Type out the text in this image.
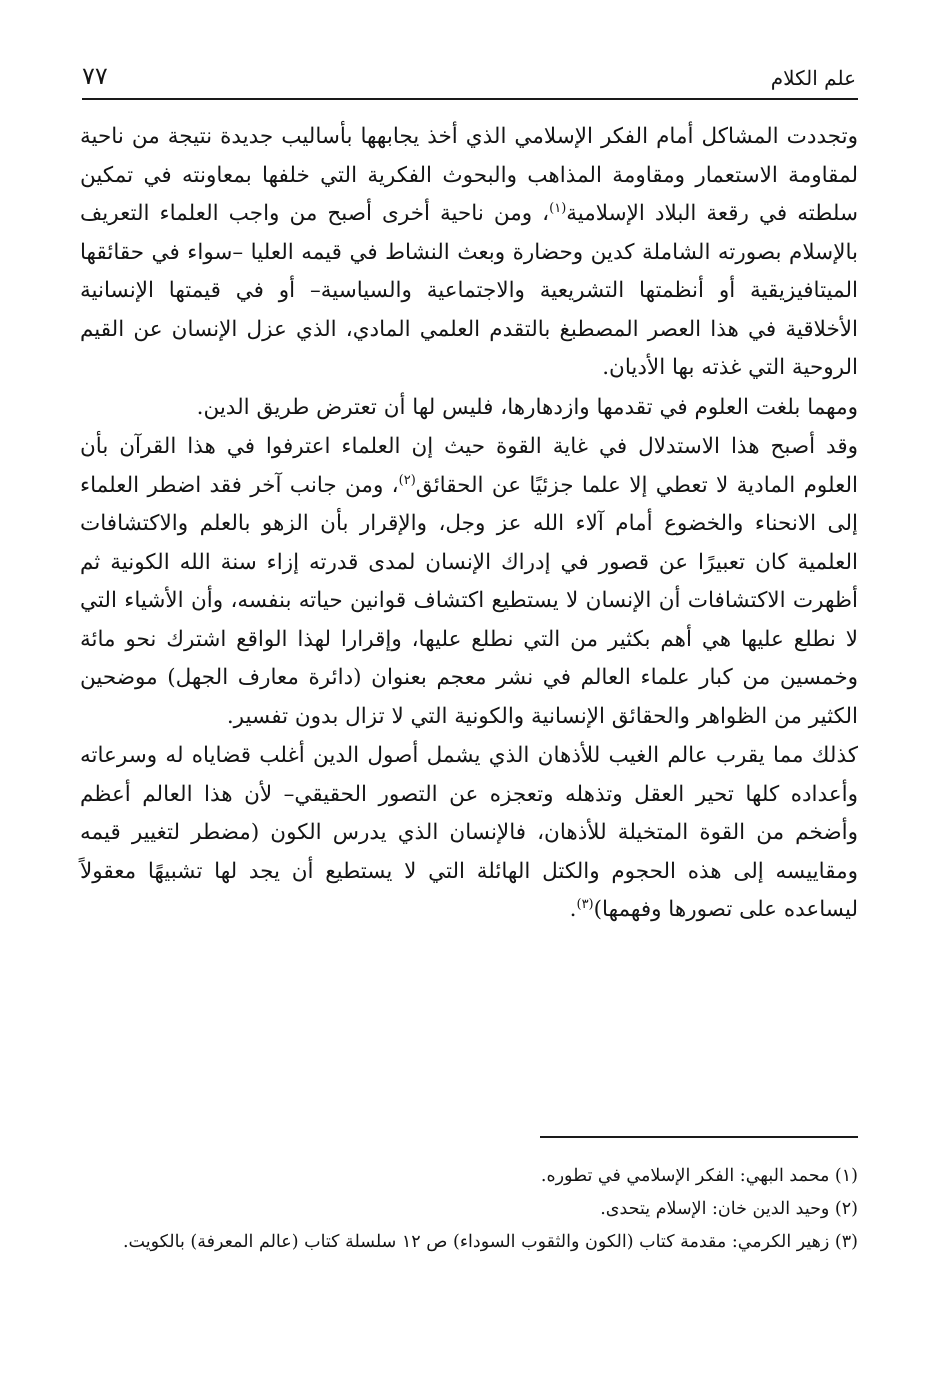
علم الكلام
٧٧

وتجددت المشاكل أمام الفكر الإسلامي الذي أخذ يجابهها بأساليب جديدة نتيجة من ناحية لمقاومة الاستعمار ومقاومة المذاهب والبحوث الفكرية التي خلفها بمعاونته في تمكين سلطته في رقعة البلاد الإسلامية$^{(١)}$، ومن ناحية أخرى أصبح من واجب العلماء التعريف بالإسلام بصورته الشاملة كدين وحضارة وبعث النشاط في قيمه العليا –سواء في حقائقها الميتافيزيقية أو أنظمتها التشريعية والاجتماعية والسياسية– أو في قيمتها الإنسانية الأخلاقية في هذا العصر المصطبغ بالتقدم العلمي المادي، الذي عزل الإنسان عن القيم الروحية التي غذته بها الأديان.

ومهما بلغت العلوم في تقدمها وازدهارها، فليس لها أن تعترض طريق الدين.

وقد أصبح هذا الاستدلال في غاية القوة حيث إن العلماء اعترفوا في هذا القرآن بأن العلوم المادية لا تعطي إلا علما جزئيًا عن الحقائق$^{(٢)}$، ومن جانب آخر فقد اضطر العلماء إلى الانحناء والخضوع أمام آلاء الله عز وجل، والإقرار بأن الزهو بالعلم والاكتشافات العلمية كان تعبيرًا عن قصور في إدراك الإنسان لمدى قدرته إزاء سنة الله الكونية ثم أظهرت الاكتشافات أن الإنسان لا يستطيع اكتشاف قوانين حياته بنفسه، وأن الأشياء التي لا نطلع عليها هي أهم بكثير من التي نطلع عليها، وإقرارا لهذا الواقع اشترك نحو مائة وخمسين من كبار علماء العالم في نشر معجم بعنوان (دائرة معارف الجهل) موضحين الكثير من الظواهر والحقائق الإنسانية والكونية التي لا تزال بدون تفسير.

كذلك مما يقرب عالم الغيب للأذهان الذي يشمل أصول الدين أغلب قضاياه له وسرعاته وأعداده كلها تحير العقل وتذهله وتعجزه عن التصور الحقيقي– لأن هذا العالم أعظم وأضخم من القوة المتخيلة للأذهان، فالإنسان الذي يدرس الكون (مضطر لتغيير قيمه ومقاييسه إلى هذه الحجوم والكتل الهائلة التي لا يستطيع أن يجد لها تشبيهًا معقولاً ليساعده على تصورها وفهمها)$^{(٣)}$.

(١) محمد البهي: الفكر الإسلامي في تطوره.

(٢) وحيد الدين خان: الإسلام يتحدى.

(٣) زهير الكرمي: مقدمة كتاب (الكون والثقوب السوداء) ص ١٢ سلسلة كتاب (عالم المعرفة) بالكويت.
